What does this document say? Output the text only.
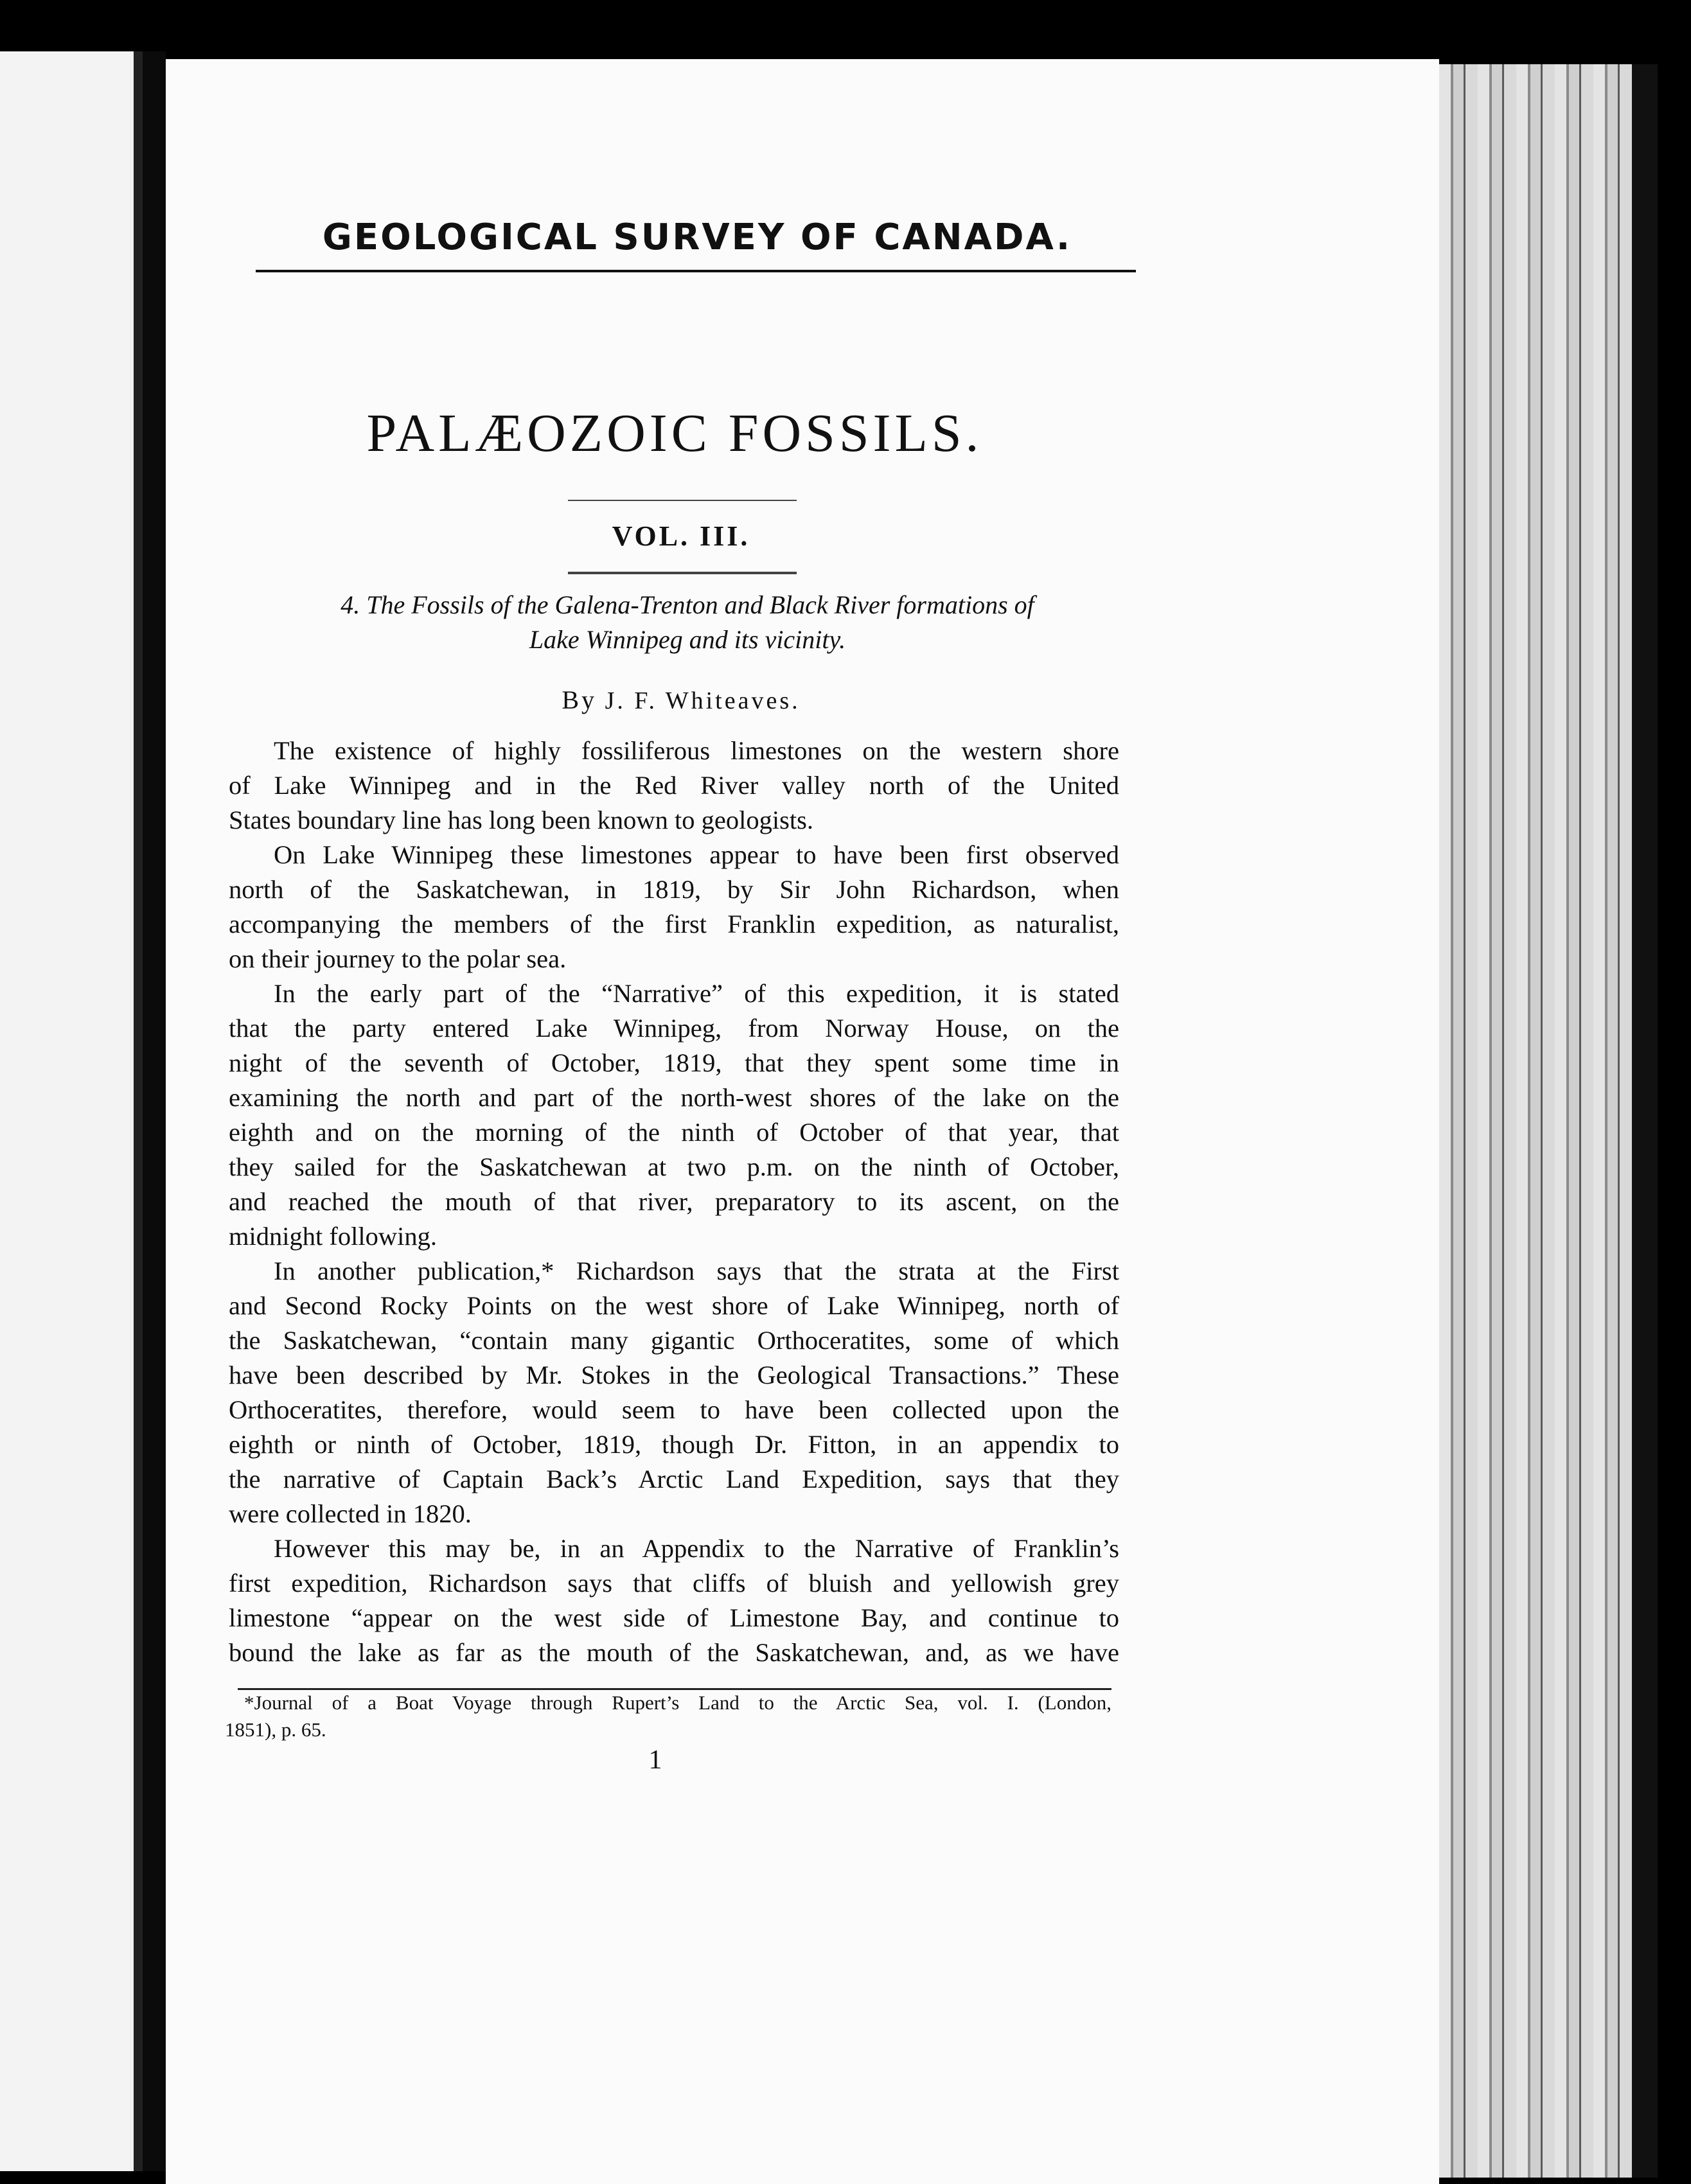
GEOLOGICAL SURVEY OF CANADA.
PALÆOZOIC FOSSILS.
VOL. III.
4. The Fossils of the Galena-Trenton and Black River formations of
Lake Winnipeg and its vicinity.
By J. F. Whiteaves.
The existence of highly fossiliferous limestones on the western shore
of Lake Winnipeg and in the Red River valley north of the United
States boundary line has long been known to geologists.
On Lake Winnipeg these limestones appear to have been first observed
north of the Saskatchewan, in 1819, by Sir John Richardson, when
accompanying the members of the first Franklin expedition, as naturalist,
on their journey to the polar sea.
In the early part of the “Narrative” of this expedition, it is stated
that the party entered Lake Winnipeg, from Norway House, on the
night of the seventh of October, 1819, that they spent some time in
examining the north and part of the north-west shores of the lake on the
eighth and on the morning of the ninth of October of that year, that
they sailed for the Saskatchewan at two p.m. on the ninth of October,
and reached the mouth of that river, preparatory to its ascent, on the
midnight following.
In another publication,* Richardson says that the strata at the First
and Second Rocky Points on the west shore of Lake Winnipeg, north of
the Saskatchewan, “contain many gigantic Orthoceratites, some of which
have been described by Mr. Stokes in the Geological Transactions.” These
Orthoceratites, therefore, would seem to have been collected upon the
eighth or ninth of October, 1819, though Dr. Fitton, in an appendix to
the narrative of Captain Back’s Arctic Land Expedition, says that they
were collected in 1820.
However this may be, in an Appendix to the Narrative of Franklin’s
first expedition, Richardson says that cliffs of bluish and yellowish grey
limestone “appear on the west side of Limestone Bay, and continue to
bound the lake as far as the mouth of the Saskatchewan, and, as we have
*Journal of a Boat Voyage through Rupert’s Land to the Arctic Sea, vol. I. (London,
1851), p. 65.
1
